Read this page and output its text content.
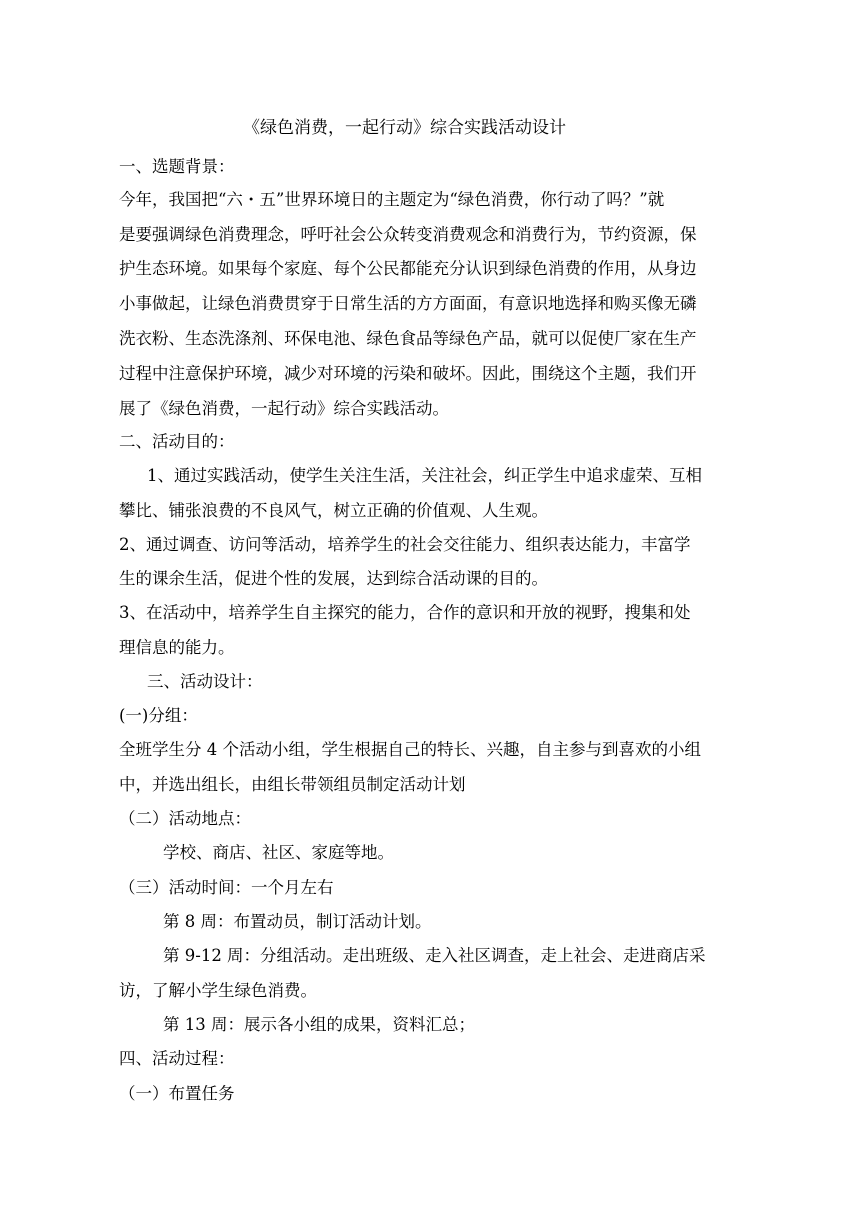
《绿色消费，一起行动》综合实践活动设计
一、选题背景：
今年，我国把“六・五”世界环境日的主题定为“绿色消费，你行动了吗？”就
是要强调绿色消费理念，呼吁社会公众转变消费观念和消费行为，节约资源，保
护生态环境。如果每个家庭、每个公民都能充分认识到绿色消费的作用，从身边
小事做起，让绿色消费贯穿于日常生活的方方面面，有意识地选择和购买像无磷
洗衣粉、生态洗涤剂、环保电池、绿色食品等绿色产品，就可以促使厂家在生产
过程中注意保护环境，减少对环境的污染和破坏。因此，围绕这个主题，我们开
展了《绿色消费，一起行动》综合实践活动。
二、活动目的：
1、通过实践活动，使学生关注生活，关注社会，纠正学生中追求虚荣、互相
攀比、铺张浪费的不良风气，树立正确的价值观、人生观。
2、通过调查、访问等活动，培养学生的社会交往能力、组织表达能力，丰富学
生的课余生活，促进个性的发展，达到综合活动课的目的。
3、在活动中，培养学生自主探究的能力，合作的意识和开放的视野，搜集和处
理信息的能力。
三、活动设计：
(一)分组：
全班学生分 4 个活动小组，学生根据自己的特长、兴趣，自主参与到喜欢的小组
中，并选出组长，由组长带领组员制定活动计划
（二）活动地点：
学校、商店、社区、家庭等地。
（三）活动时间：一个月左右
第 8 周：布置动员，制订活动计划。
第 9-12 周：分组活动。走出班级、走入社区调查，走上社会、走进商店采
访，了解小学生绿色消费。
第 13 周：展示各小组的成果，资料汇总；
四、活动过程：
（一）布置任务
